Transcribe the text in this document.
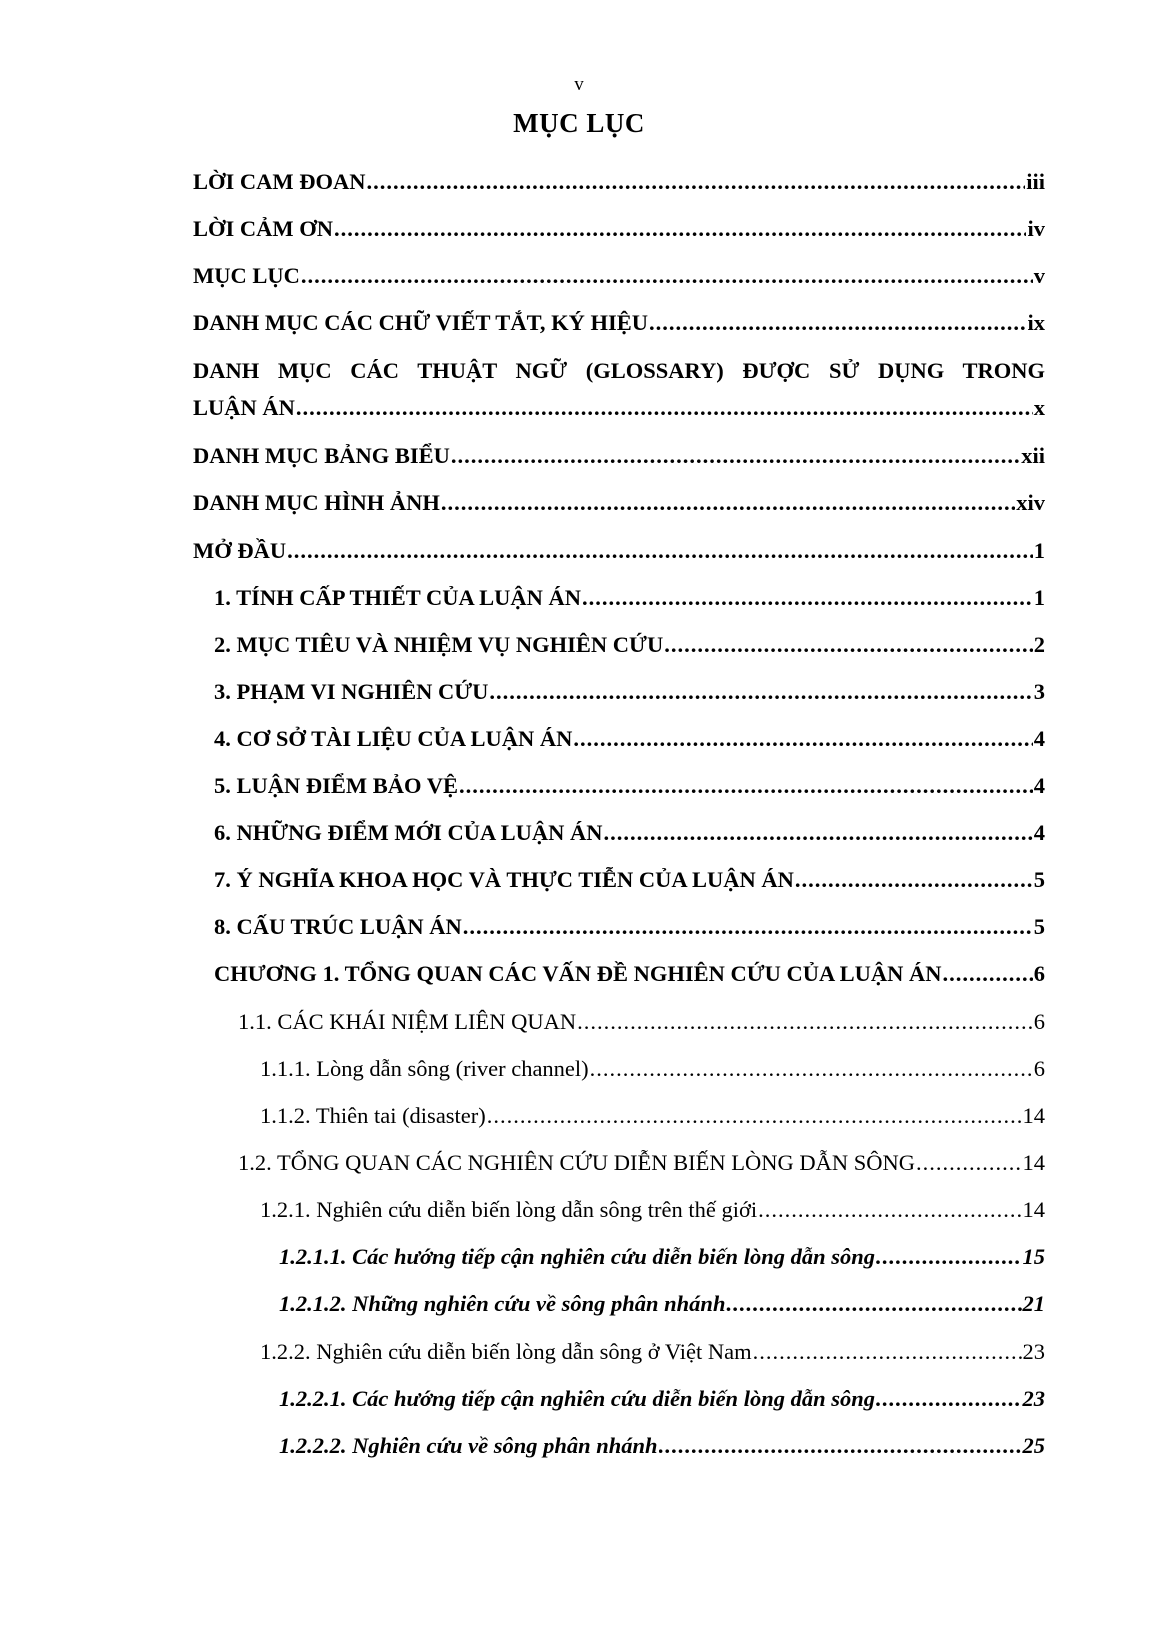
v
MỤC LỤC
LỜI CAM ĐOAN .....	iii
LỜI CẢM ƠN .....	iv
MỤC LỤC .....	v
DANH MỤC CÁC CHỮ VIẾT TẮT, KÝ HIỆU .....	ix
DANH MỤC CÁC THUẬT NGỮ (GLOSSARY) ĐƯỢC SỬ DỤNG TRONG
LUẬN ÁN .....	x
DANH MỤC BẢNG BIỂU .....	xii
DANH MỤC HÌNH ẢNH .....	xiv
MỞ ĐẦU .....	1
1. TÍNH CẤP THIẾT CỦA LUẬN ÁN .....	1
2. MỤC TIÊU VÀ NHIỆM VỤ NGHIÊN CỨU .....	2
3. PHẠM VI NGHIÊN CỨU .....	3
4. CƠ SỞ TÀI LIỆU CỦA LUẬN ÁN .....	4
5. LUẬN ĐIỂM BẢO VỆ .....	4
6. NHỮNG ĐIỂM MỚI CỦA LUẬN ÁN .....	4
7. Ý NGHĨA KHOA HỌC VÀ THỰC TIỄN CỦA LUẬN ÁN .....	5
8. CẤU TRÚC LUẬN ÁN .....	5
CHƯƠNG 1. TỔNG QUAN CÁC VẤN ĐỀ NGHIÊN CỨU CỦA LUẬN ÁN .....	6
1.1. CÁC KHÁI NIỆM LIÊN QUAN .....	6
1.1.1. Lòng dẫn sông (river channel) .....	6
1.1.2. Thiên tai (disaster) .....	14
1.2. TỔNG QUAN CÁC NGHIÊN CỨU DIỄN BIẾN LÒNG DẪN SÔNG .....	14
1.2.1. Nghiên cứu diễn biến lòng dẫn sông trên thế giới .....	14
1.2.1.1. Các hướng tiếp cận nghiên cứu diễn biến lòng dẫn sông .....	15
1.2.1.2. Những nghiên cứu về sông phân nhánh .....	21
1.2.2. Nghiên cứu diễn biến lòng dẫn sông ở Việt Nam .....	23
1.2.2.1. Các hướng tiếp cận nghiên cứu diễn biến lòng dẫn sông .....	23
1.2.2.2. Nghiên cứu về sông phân nhánh .....	25
